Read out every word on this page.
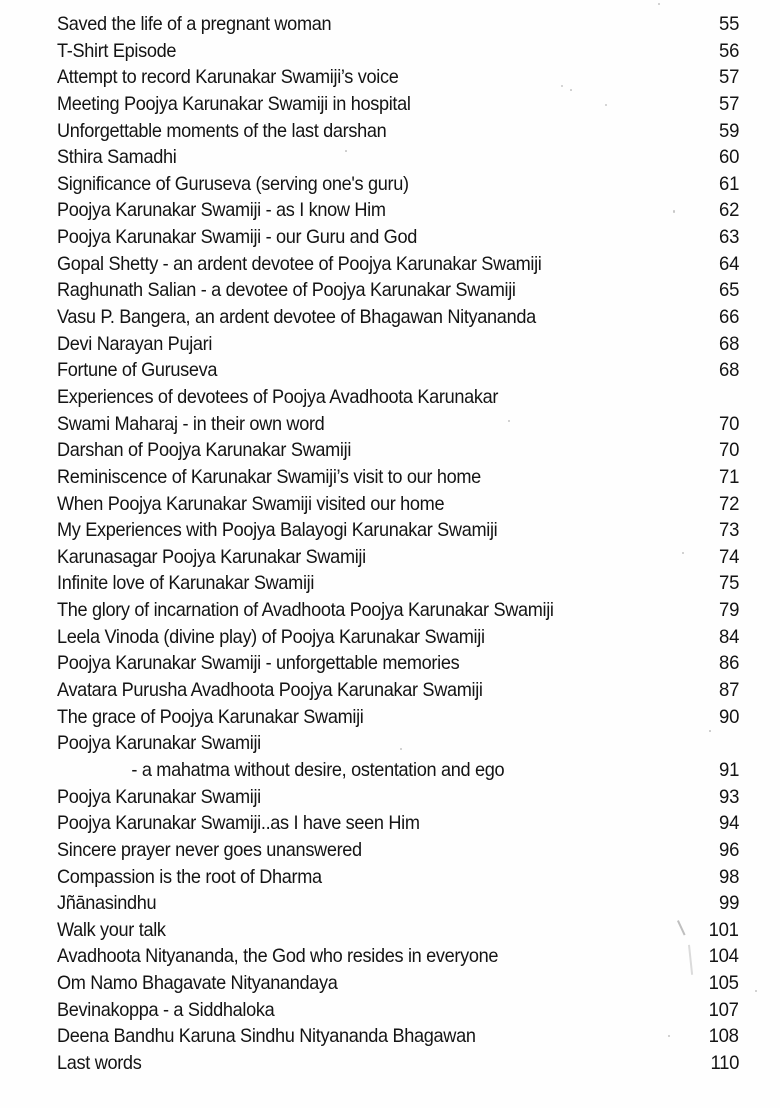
Saved the life of a pregnant woman	55
T-Shirt Episode	56
Attempt to record Karunakar Swamiji’s voice	57
Meeting Poojya Karunakar Swamiji in hospital	57
Unforgettable moments of the last darshan	59
Sthira Samadhi	60
Significance of Guruseva (serving one's guru)	61
Poojya Karunakar Swamiji - as I know Him	62
Poojya Karunakar Swamiji - our Guru and God	63
Gopal Shetty - an ardent devotee of Poojya Karunakar Swamiji	64
Raghunath Salian - a devotee of Poojya Karunakar Swamiji	65
Vasu P. Bangera, an ardent devotee of Bhagawan Nityananda	66
Devi Narayan Pujari	68
Fortune of Guruseva	68
Experiences of devotees of Poojya Avadhoota Karunakar
Swami Maharaj - in their own word	70
Darshan of Poojya Karunakar Swamiji	70
Reminiscence of Karunakar Swamiji’s visit to our home	71
When Poojya Karunakar Swamiji visited our home	72
My Experiences with Poojya Balayogi Karunakar Swamiji	73
Karunasagar Poojya Karunakar Swamiji	74
Infinite love of Karunakar Swamiji	75
The glory of incarnation of Avadhoota Poojya Karunakar Swamiji	79
Leela Vinoda (divine play) of Poojya Karunakar Swamiji	84
Poojya Karunakar Swamiji - unforgettable memories	86
Avatara Purusha Avadhoota Poojya Karunakar Swamiji	87
The grace of Poojya Karunakar Swamiji	90
Poojya Karunakar Swamiji
- a mahatma without desire, ostentation and ego	91
Poojya Karunakar Swamiji	93
Poojya Karunakar Swamiji..as I have seen Him	94
Sincere prayer never goes unanswered	96
Compassion is the root of Dharma	98
Jñānasindhu	99
Walk your talk	101
Avadhoota Nityananda, the God who resides in everyone	104
Om Namo Bhagavate Nityanandaya	105
Bevinakoppa - a Siddhaloka	107
Deena Bandhu Karuna Sindhu Nityananda Bhagawan	108
Last words	110
